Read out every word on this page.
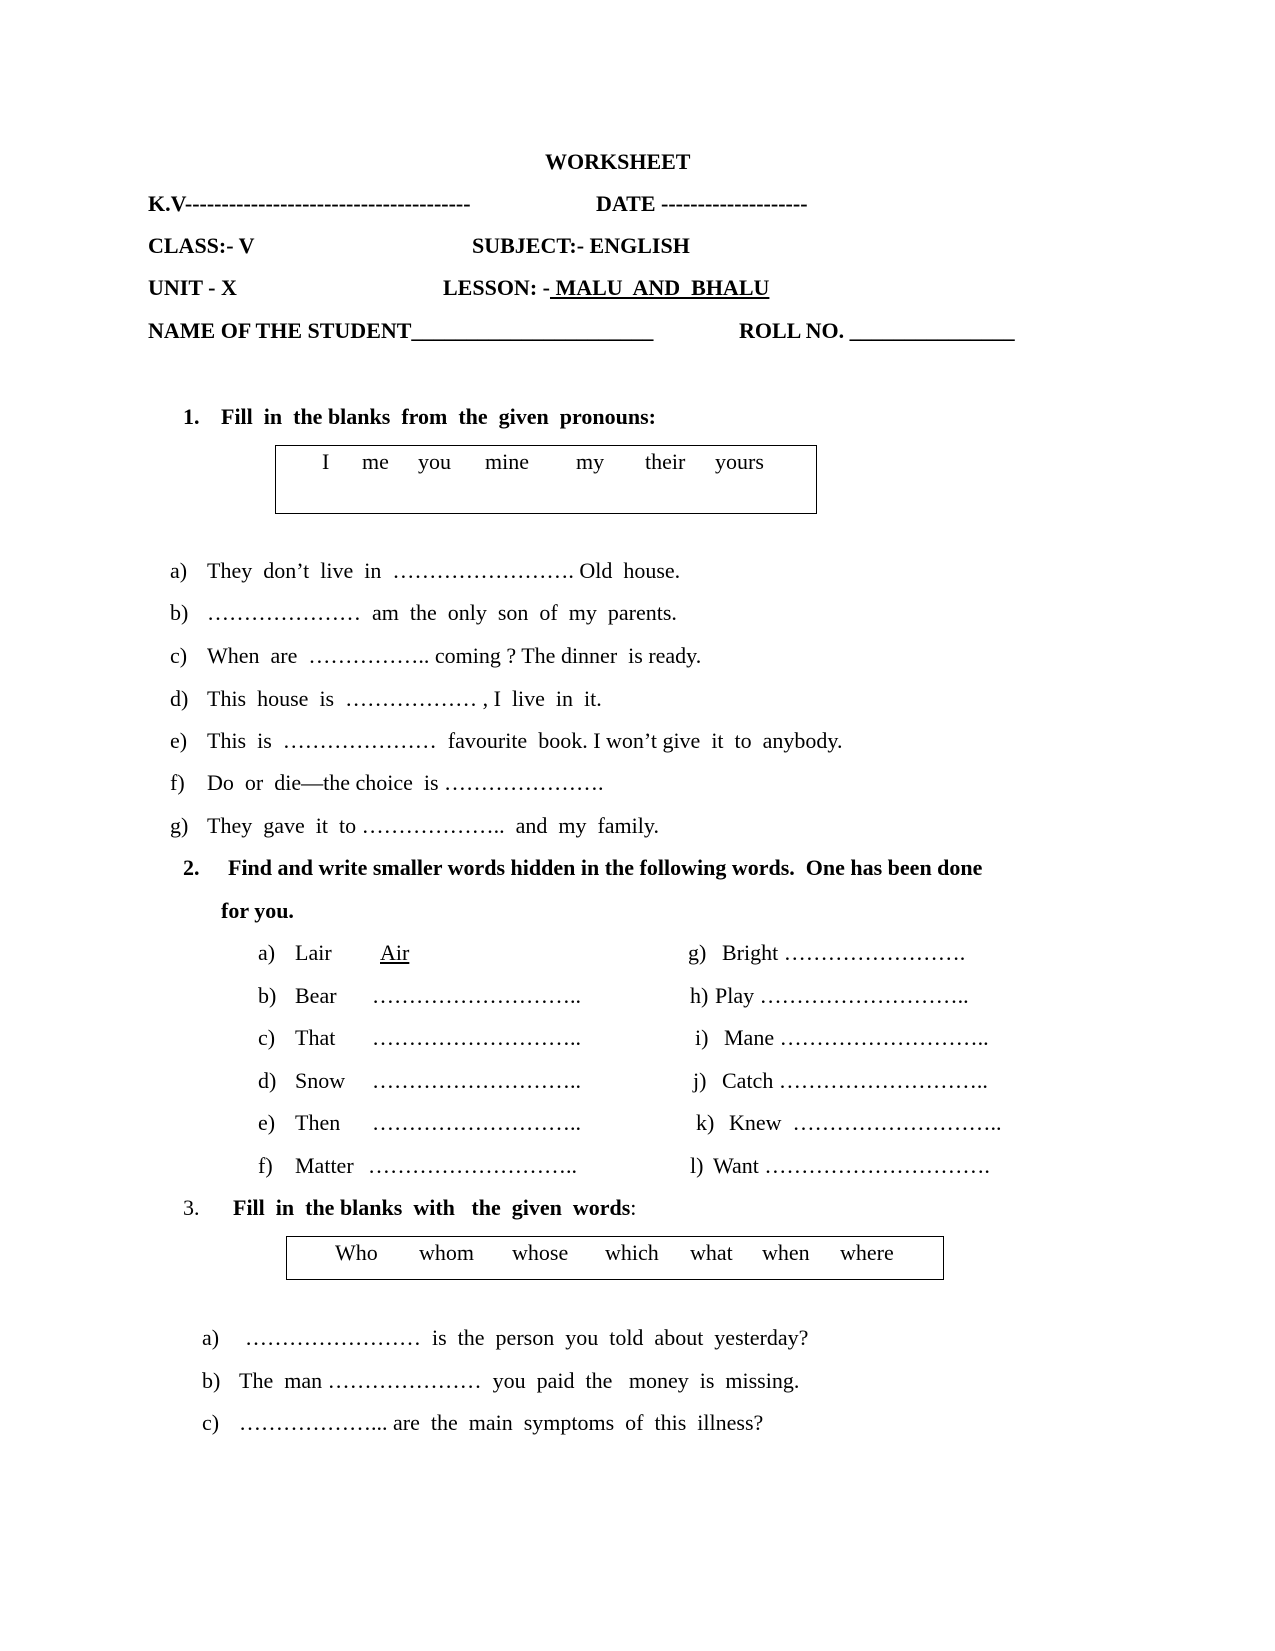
WORKSHEET
K.V---------------------------------------	DATE --------------------
CLASS:- V	SUBJECT:- ENGLISH
UNIT - X	LESSON: - MALU  AND  BHALU
NAME OF THE STUDENT______________________	ROLL NO. _______________
1. Fill  in  the blanks  from  the  given  pronouns:
I me you mine my their yours
a) They  don’t  live  in  ……………………. Old  house.
b) …………………  am  the  only  son  of  my  parents.
c) When  are  …………….. coming ? The dinner  is ready.
d) This  house  is  ……………… , I  live  in  it.
e) This  is  …………………  favourite  book. I won’t give  it  to  anybody.
f) Do  or  die—the choice  is ………………….
g) They  gave  it  to ………………..  and  my  family.
2. Find and write smaller words hidden in the following words.  One has been done
for you.
a) Lair Air
b) Bear ………………………..
c) That ………………………..
d) Snow ………………………..
e) Then ………………………..
f) Matter ………………………..
g) Bright …………………….
h) Play ………………………..
i) Mane ………………………..
j) Catch ………………………..
k) Knew  ………………………..
l) Want ………………………….
3. Fill  in  the blanks  with   the  given  words:
Who whom whose which what when where
a) ……………………  is  the  person  you  told  about  yesterday?
b) The  man …………………  you  paid  the   money  is  missing.
c) ………………... are  the  main  symptoms  of  this  illness?
